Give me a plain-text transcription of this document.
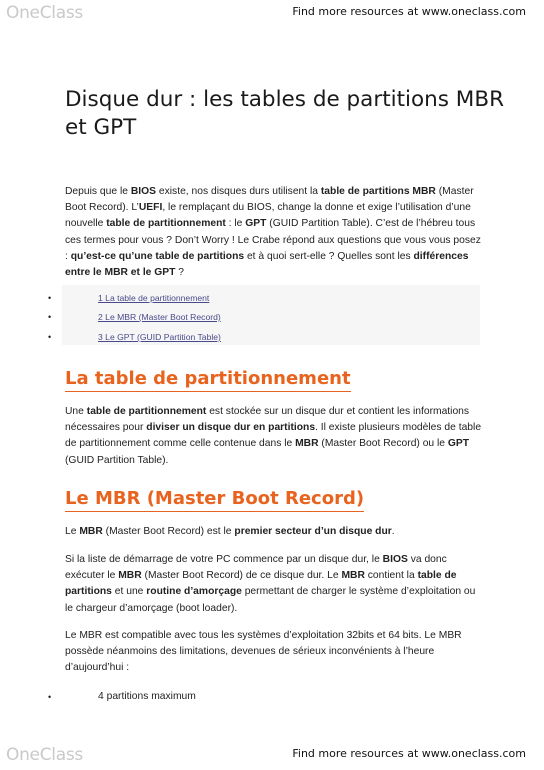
OneClass	Find more resources at www.oneclass.com
Disque dur : les tables de partitions MBR et GPT

Depuis que le BIOS existe, nos disques durs utilisent la table de partitions MBR (Master Boot Record). L’UEFI, le remplaçant du BIOS, change la donne et exige l’utilisation d’une nouvelle table de partitionnement : le GPT (GUID Partition Table). C’est de l’hébreu tous ces termes pour vous ? Don’t Worry ! Le Crabe répond aux questions que vous vous posez : qu’est-ce qu’une table de partitions et à quoi sert-elle ? Quelles sont les différences entre le MBR et le GPT ?

•	1 La table de partitionnement
•	2 Le MBR (Master Boot Record)
•	3 Le GPT (GUID Partition Table)
La table de partitionnement

Une table de partitionnement est stockée sur un disque dur et contient les informations nécessaires pour diviser un disque dur en partitions. Il existe plusieurs modèles de table de partitionnement comme celle contenue dans le MBR (Master Boot Record) ou le GPT (GUID Partition Table).

Le MBR (Master Boot Record)

Le MBR (Master Boot Record) est le premier secteur d’un disque dur.

Si la liste de démarrage de votre PC commence par un disque dur, le BIOS va donc exécuter le MBR (Master Boot Record) de ce disque dur. Le MBR contient la table de partitions et une routine d’amorçage permettant de charger le système d’exploitation ou le chargeur d’amorçage (boot loader).

Le MBR est compatible avec tous les systèmes d’exploitation 32bits et 64 bits. Le MBR possède néanmoins des limitations, devenues de sérieux inconvénients à l’heure d’aujourd’hui :

•	4 partitions maximum
OneClass	Find more resources at www.oneclass.com
